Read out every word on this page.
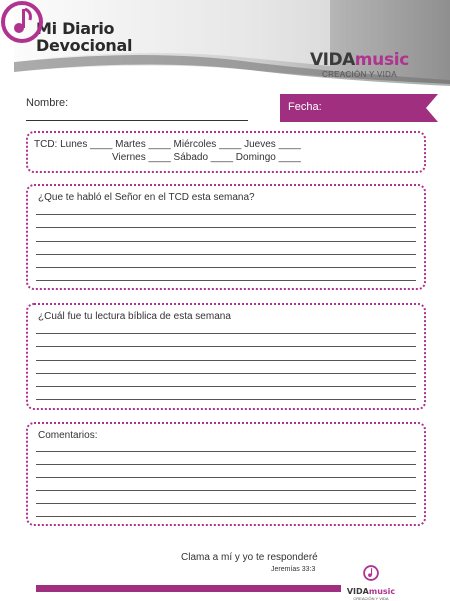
Mi Diario
Devocional
VIDAmusic
CREACIÓN Y VIDA
Nombre:	Fecha:
TCD: Lunes ____ Martes ____ Miércoles ____ Jueves ____
Viernes ____ Sábado ____ Domingo ____
¿Que te habló el Señor en el TCD esta semana?
¿Cuál fue tu lectura bíblica de esta semana
Comentarios:
Clama a mí y yo te responderé
Jeremías 33:3
VIDAmusic
CREACIÓN Y VIDA
